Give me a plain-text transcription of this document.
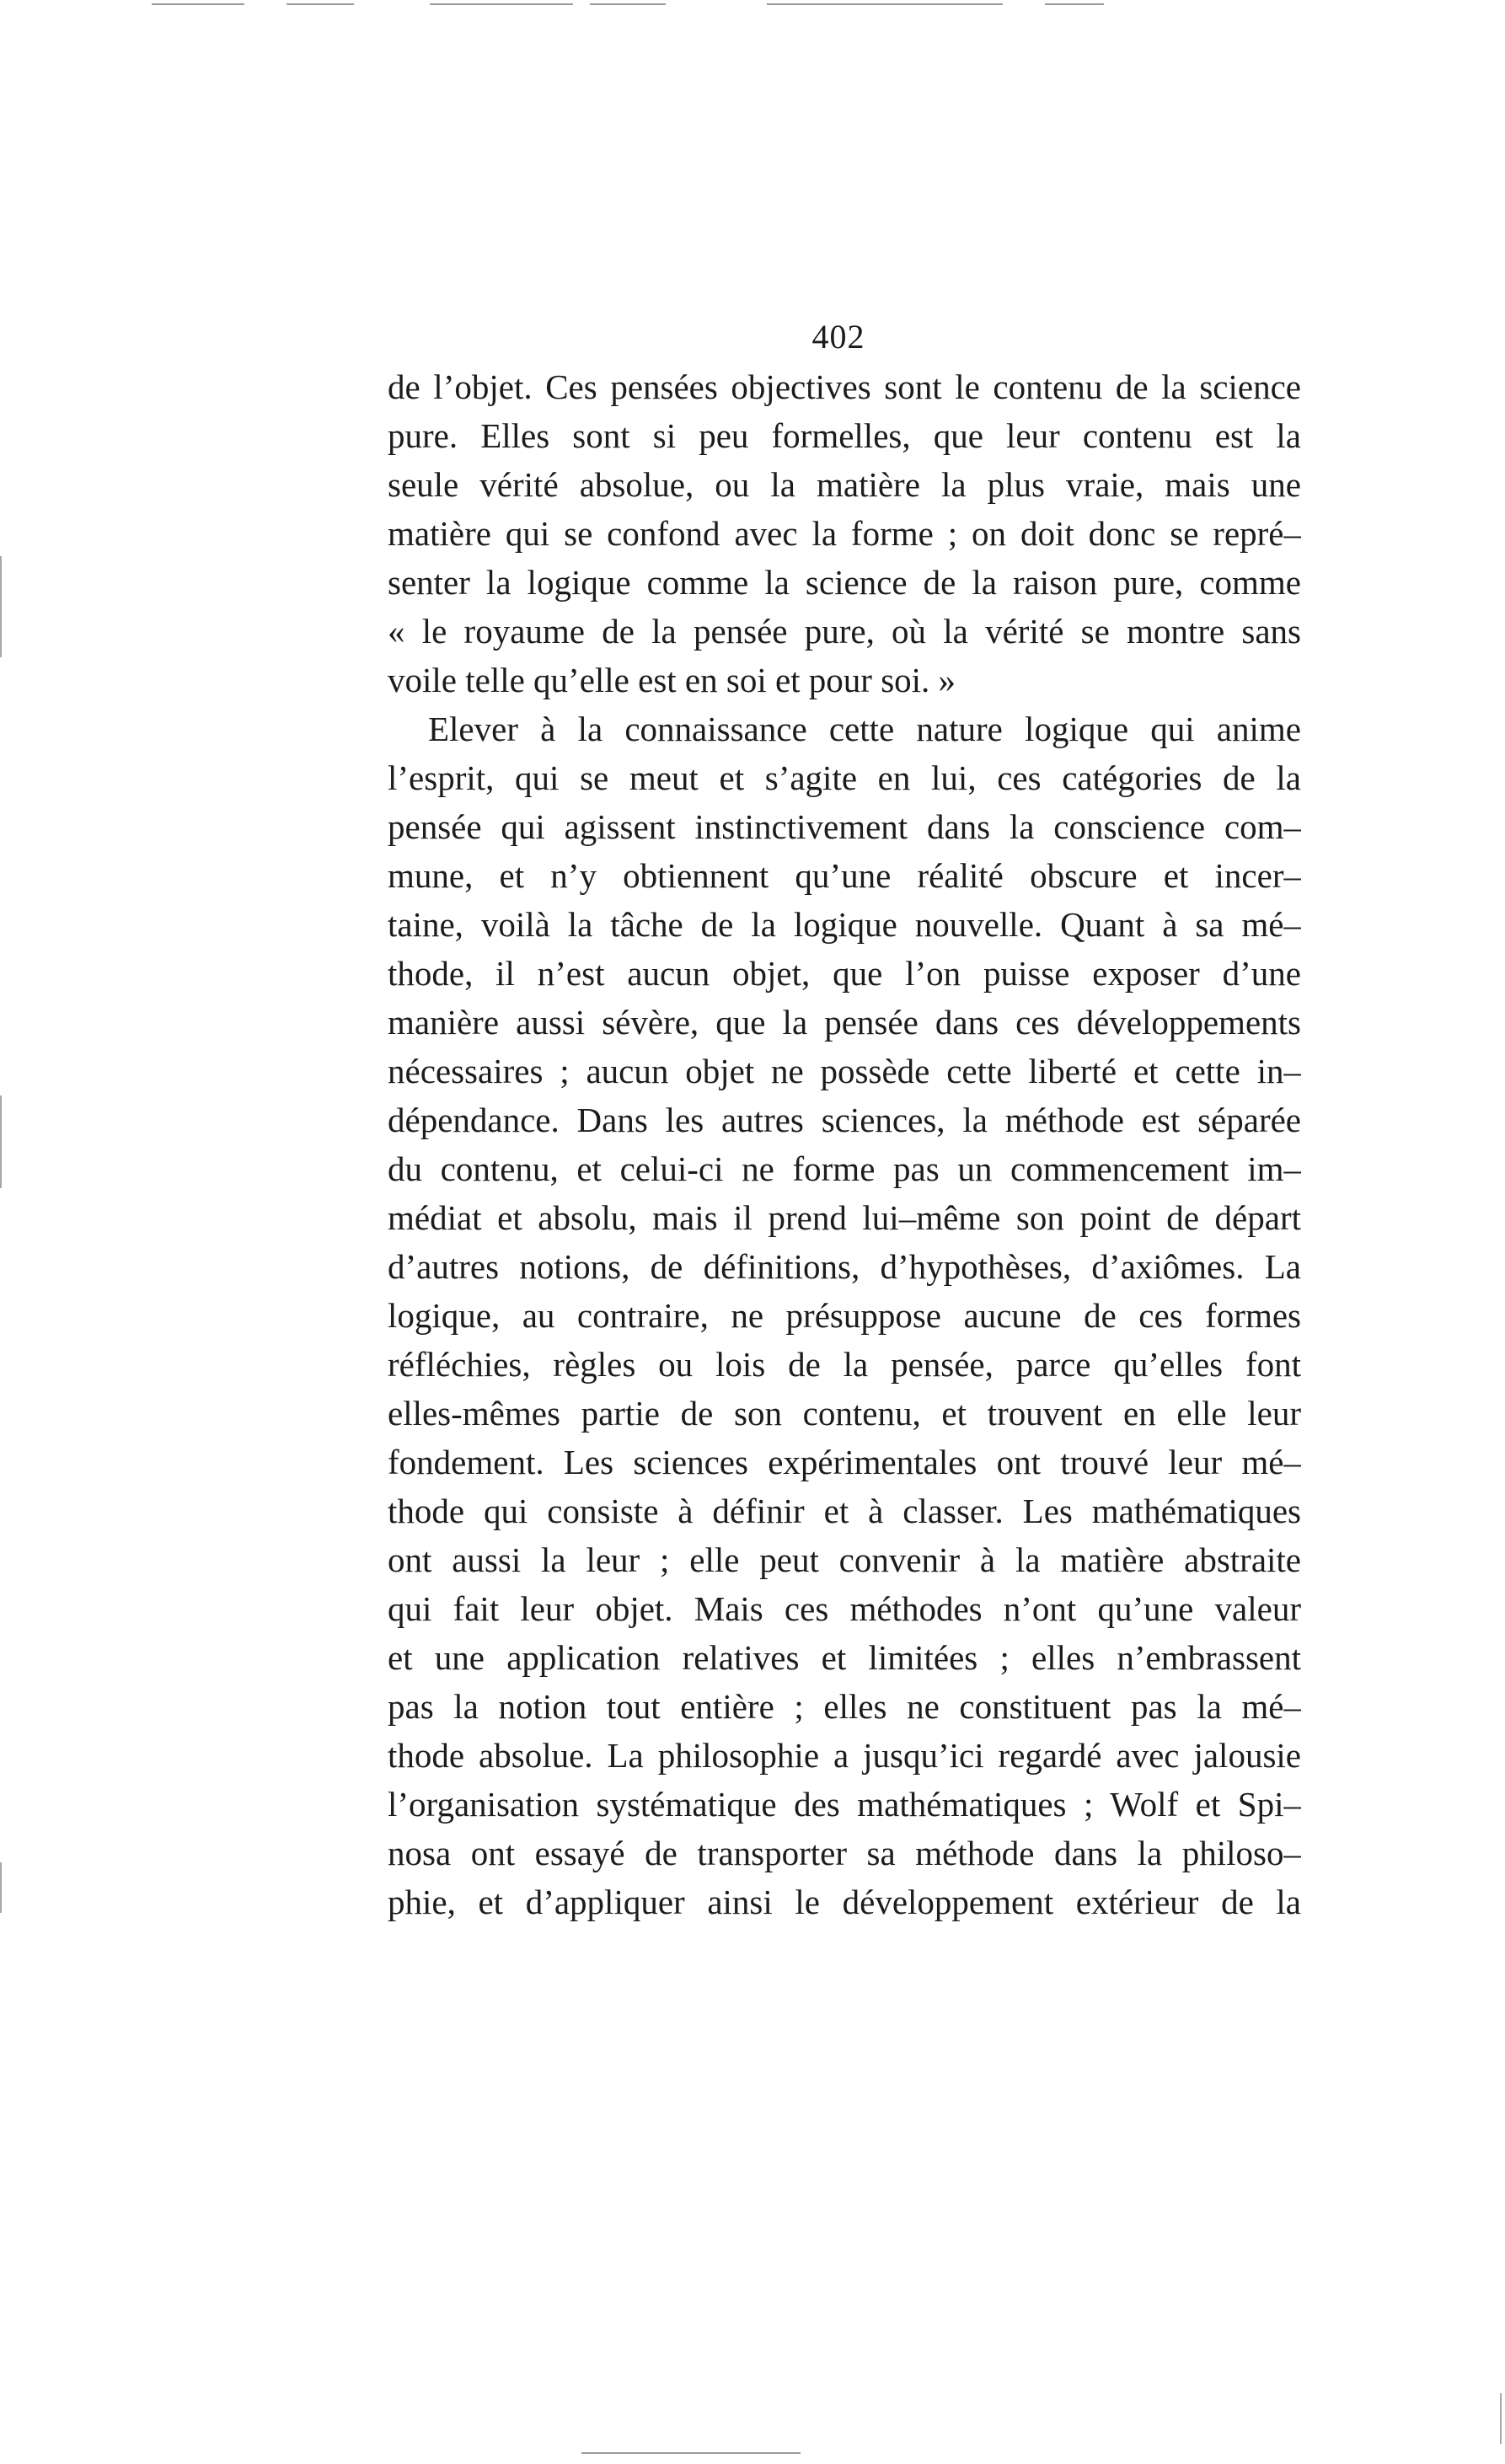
402
de l’objet. Ces pensées objectives sont le contenu de la science
pure. Elles sont si peu formelles, que leur contenu est la
seule vérité absolue, ou la matière la plus vraie, mais une
matière qui se confond avec la forme ; on doit donc se repré–
senter la logique comme la science de la raison pure, comme
« le royaume de la pensée pure, où la vérité se montre sans
voile telle qu’elle est en soi et pour soi. »
Elever à la connaissance cette nature logique qui anime
l’esprit, qui se meut et s’agite en lui, ces catégories de la
pensée qui agissent instinctivement dans la conscience com–
mune, et n’y obtiennent qu’une réalité obscure et incer–
taine, voilà la tâche de la logique nouvelle. Quant à sa mé–
thode, il n’est aucun objet, que l’on puisse exposer d’une
manière aussi sévère, que la pensée dans ces développements
nécessaires ; aucun objet ne possède cette liberté et cette in–
dépendance. Dans les autres sciences, la méthode est séparée
du contenu, et celui-ci ne forme pas un commencement im–
médiat et absolu, mais il prend lui–même son point de départ
d’autres notions, de définitions, d’hypothèses, d’axiômes. La
logique, au contraire, ne présuppose aucune de ces formes
réfléchies, règles ou lois de la pensée, parce qu’elles font
elles-mêmes partie de son contenu, et trouvent en elle leur
fondement. Les sciences expérimentales ont trouvé leur mé–
thode qui consiste à définir et à classer. Les mathématiques
ont aussi la leur ; elle peut convenir à la matière abstraite
qui fait leur objet. Mais ces méthodes n’ont qu’une valeur
et une application relatives et limitées ; elles n’embrassent
pas la notion tout entière ; elles ne constituent pas la mé–
thode absolue. La philosophie a jusqu’ici regardé avec jalousie
l’organisation systématique des mathématiques ; Wolf et Spi–
nosa ont essayé de transporter sa méthode dans la philoso–
phie, et d’appliquer ainsi le développement extérieur de la
